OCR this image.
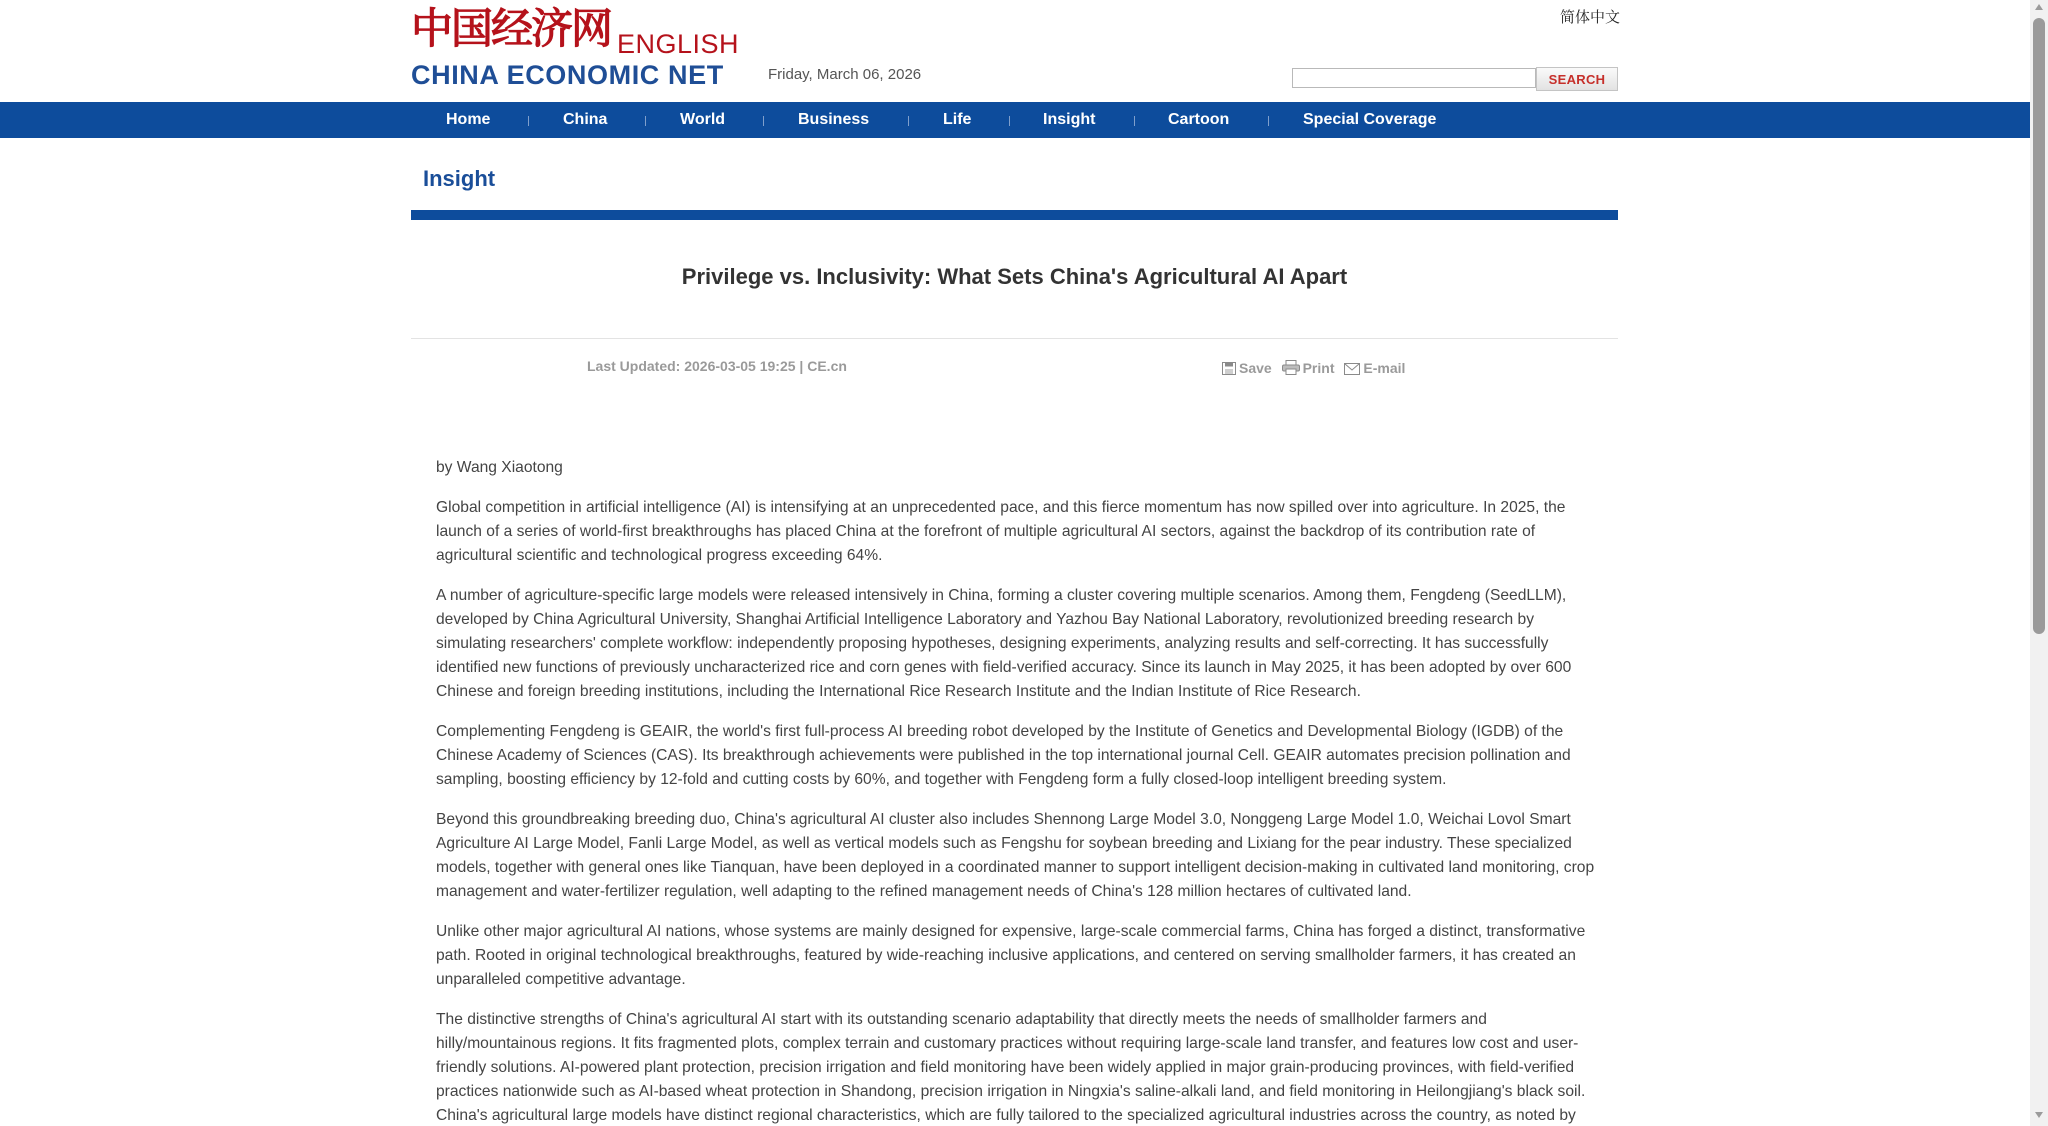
中国经济网 ENGLISH
CHINA ECONOMIC NET	Friday, March 06, 2026
简体中文
SEARCH
Home	China	World	Business	Life	Insight	Cartoon	Special Coverage
Insight
Privilege vs. Inclusivity: What Sets China's Agricultural AI Apart
Last Updated: 2026-03-05 19:25 | CE.cn	Save Print E-mail

by Wang Xiaotong

Global competition in artificial intelligence (AI) is intensifying at an unprecedented pace, and this fierce momentum has now spilled over into agriculture. In 2025, the launch of a series of world-first breakthroughs has placed China at the forefront of multiple agricultural AI sectors, against the backdrop of its contribution rate of agricultural scientific and technological progress exceeding 64%.

A number of agriculture-specific large models were released intensively in China, forming a cluster covering multiple scenarios. Among them, Fengdeng (SeedLLM), developed by China Agricultural University, Shanghai Artificial Intelligence Laboratory and Yazhou Bay National Laboratory, revolutionized breeding research by simulating researchers' complete workflow: independently proposing hypotheses, designing experiments, analyzing results and self-correcting. It has successfully identified new functions of previously uncharacterized rice and corn genes with field-verified accuracy. Since its launch in May 2025, it has been adopted by over 600 Chinese and foreign breeding institutions, including the International Rice Research Institute and the Indian Institute of Rice Research.

Complementing Fengdeng is GEAIR, the world's first full-process AI breeding robot developed by the Institute of Genetics and Developmental Biology (IGDB) of the Chinese Academy of Sciences (CAS). Its breakthrough achievements were published in the top international journal Cell. GEAIR automates precision pollination and sampling, boosting efficiency by 12-fold and cutting costs by 60%, and together with Fengdeng form a fully closed-loop intelligent breeding system.

Beyond this groundbreaking breeding duo, China's agricultural AI cluster also includes Shennong Large Model 3.0, Nonggeng Large Model 1.0, Weichai Lovol Smart Agriculture AI Large Model, Fanli Large Model, as well as vertical models such as Fengshu for soybean breeding and Lixiang for the pear industry. These specialized models, together with general ones like Tianquan, have been deployed in a coordinated manner to support intelligent decision-making in cultivated land monitoring, crop management and water-fertilizer regulation, well adapting to the refined management needs of China's 128 million hectares of cultivated land.

Unlike other major agricultural AI nations, whose systems are mainly designed for expensive, large-scale commercial farms, China has forged a distinct, transformative path. Rooted in original technological breakthroughs, featured by wide-reaching inclusive applications, and centered on serving smallholder farmers, it has created an unparalleled competitive advantage.

The distinctive strengths of China's agricultural AI start with its outstanding scenario adaptability that directly meets the needs of smallholder farmers and hilly/mountainous regions. It fits fragmented plots, complex terrain and customary practices without requiring large-scale land transfer, and features low cost and user-friendly solutions. AI-powered plant protection, precision irrigation and field monitoring have been widely applied in major grain-producing provinces, with field-verified practices nationwide such as AI-based wheat protection in Shandong, precision irrigation in Ningxia's saline-alkali land, and field monitoring in Heilongjiang's black soil. China's agricultural large models have distinct regional characteristics, which are fully tailored to the specialized agricultural industries across the country, as noted by
